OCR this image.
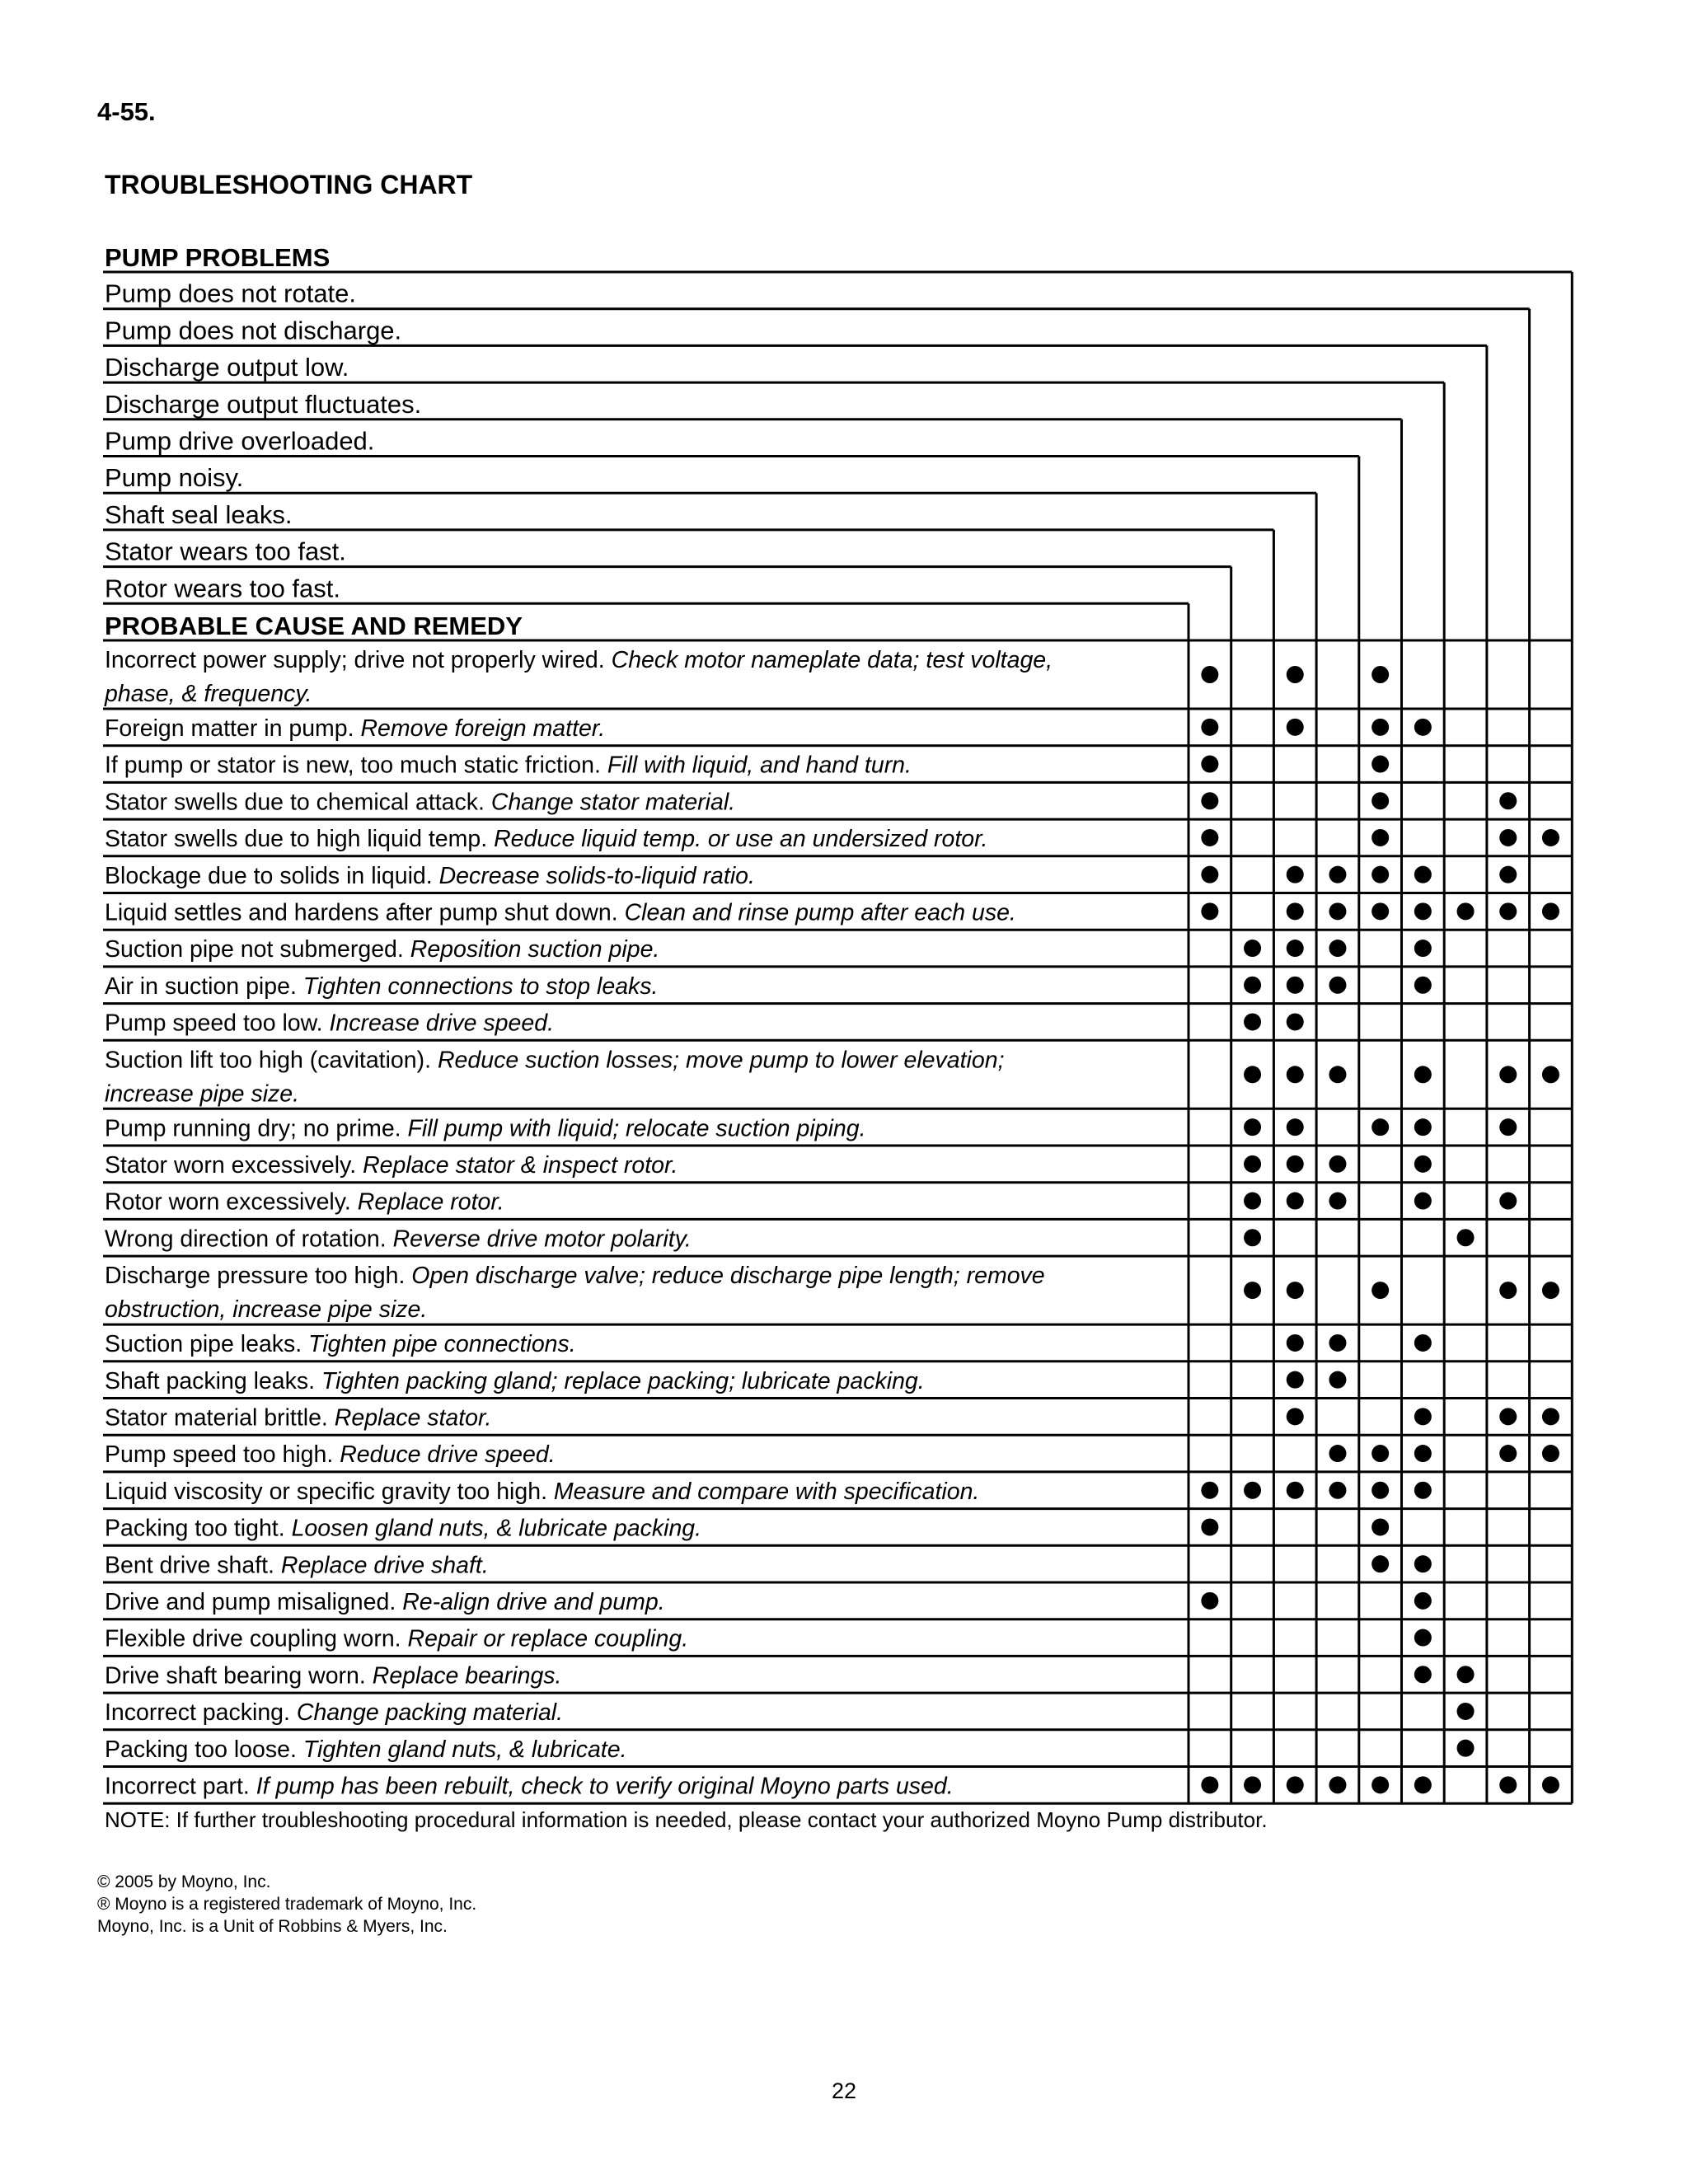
4-55.
TROUBLESHOOTING CHART
PUMP PROBLEMS
Pump does not rotate.
Pump does not discharge.
Discharge output low.
Discharge output fluctuates.
Pump drive overloaded.
Pump noisy.
Shaft seal leaks.
Stator wears too fast.
Rotor wears too fast.
PROBABLE CAUSE AND REMEDY
Incorrect power supply; drive not properly wired. Check motor nameplate data; test voltage,
phase, & frequency.
Foreign matter in pump. Remove foreign matter.
If pump or stator is new, too much static friction. Fill with liquid, and hand turn.
Stator swells due to chemical attack. Change stator material.
Stator swells due to high liquid temp. Reduce liquid temp. or use an undersized rotor.
Blockage due to solids in liquid. Decrease solids-to-liquid ratio.
Liquid settles and hardens after pump shut down. Clean and rinse pump after each use.
Suction pipe not submerged. Reposition suction pipe.
Air in suction pipe. Tighten connections to stop leaks.
Pump speed too low. Increase drive speed.
Suction lift too high (cavitation). Reduce suction losses; move pump to lower elevation;
increase pipe size.
Pump running dry; no prime. Fill pump with liquid; relocate suction piping.
Stator worn excessively. Replace stator & inspect rotor.
Rotor worn excessively. Replace rotor.
Wrong direction of rotation. Reverse drive motor polarity.
Discharge pressure too high. Open discharge valve; reduce discharge pipe length; remove
obstruction, increase pipe size.
Suction pipe leaks. Tighten pipe connections.
Shaft packing leaks. Tighten packing gland; replace packing; lubricate packing.
Stator material brittle. Replace stator.
Pump speed too high. Reduce drive speed.
Liquid viscosity or specific gravity too high. Measure and compare with specification.
Packing too tight. Loosen gland nuts, & lubricate packing.
Bent drive shaft. Replace drive shaft.
Drive and pump misaligned. Re-align drive and pump.
Flexible drive coupling worn. Repair or replace coupling.
Drive shaft bearing worn. Replace bearings.
Incorrect packing. Change packing material.
Packing too loose. Tighten gland nuts, & lubricate.
Incorrect part. If pump has been rebuilt, check to verify original Moyno parts used.
NOTE: If further troubleshooting procedural information is needed, please contact your authorized Moyno Pump distributor.
© 2005 by Moyno, Inc.
® Moyno is a registered trademark of Moyno, Inc.
Moyno, Inc. is a Unit of Robbins & Myers, Inc.
22
